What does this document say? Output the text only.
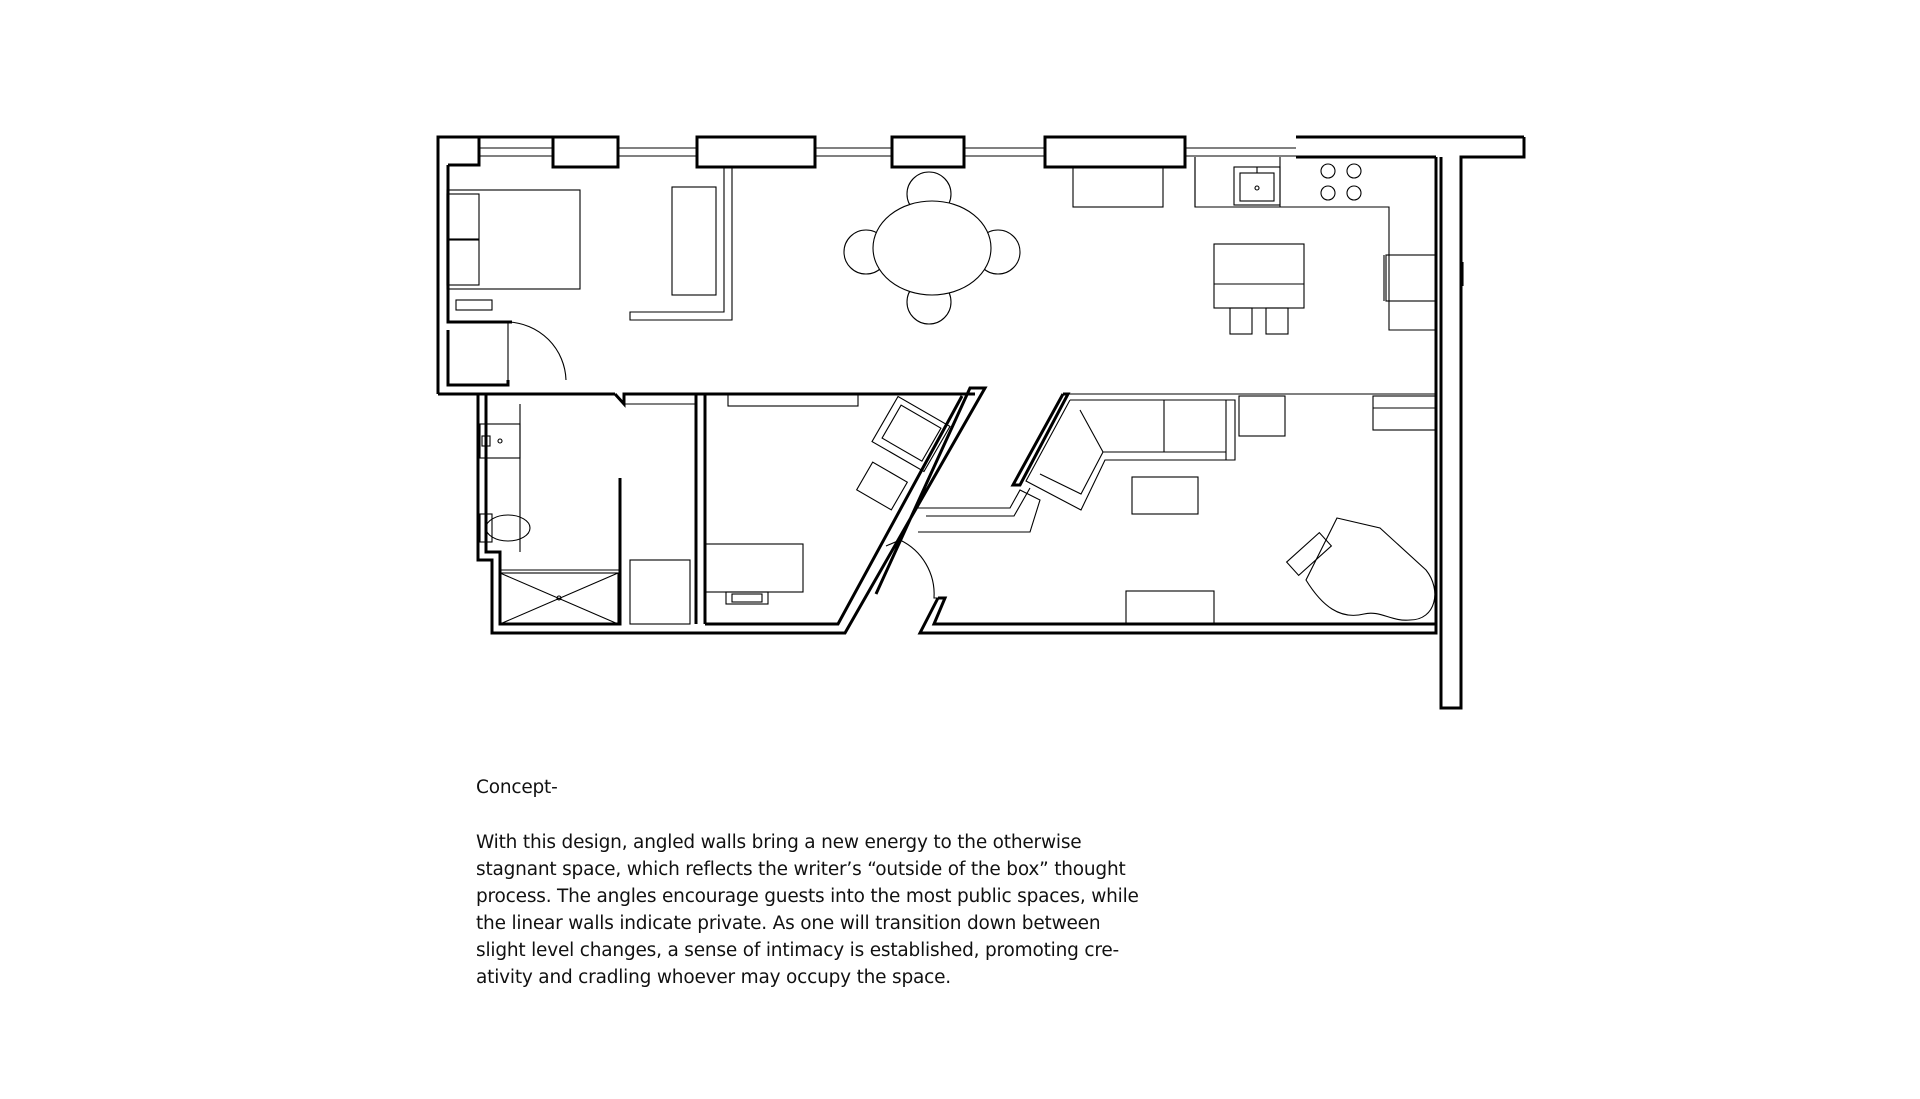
Concept-

With this design, angled walls bring a new energy to the otherwise
stagnant space, which reflects the writer’s “outside of the box” thought
process. The angles encourage guests into the most public spaces, while
the linear walls indicate private. As one will transition down between
slight level changes, a sense of intimacy is established, promoting cre-
ativity and cradling whoever may occupy the space.
